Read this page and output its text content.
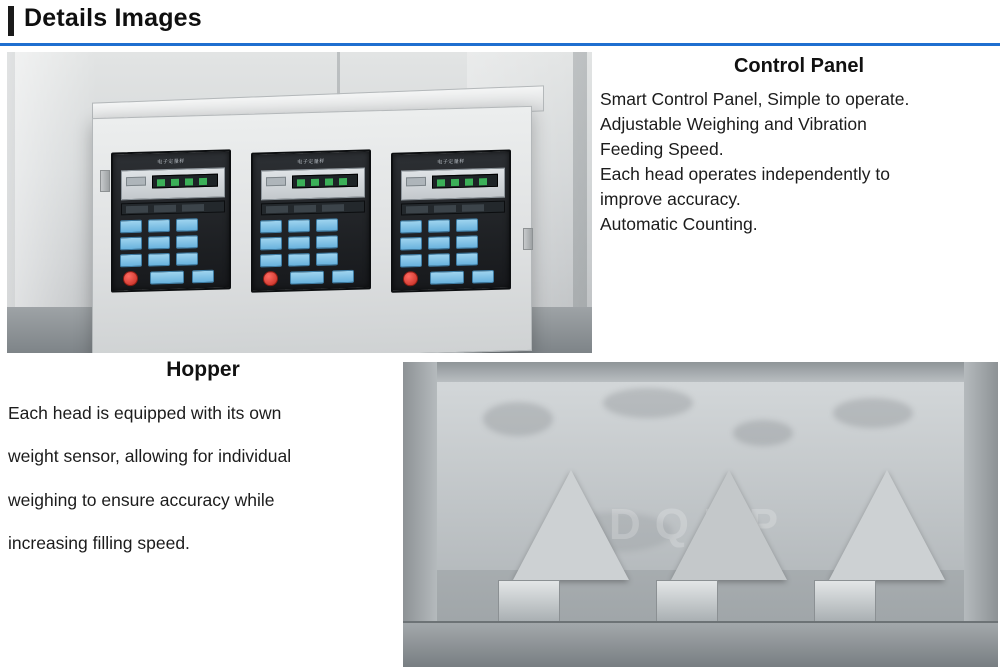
Details Images
电子定量秤	电子定量秤	电子定量秤
Control Panel

Smart Control Panel, Simple to operate.

Adjustable Weighing and Vibration

Feeding Speed.

Each head operates independently to

improve accuracy.

Automatic Counting.

Hopper

Each head is equipped with its own

weight sensor, allowing for individual

weighing to ensure accuracy while

increasing filling speed.	DQNP
